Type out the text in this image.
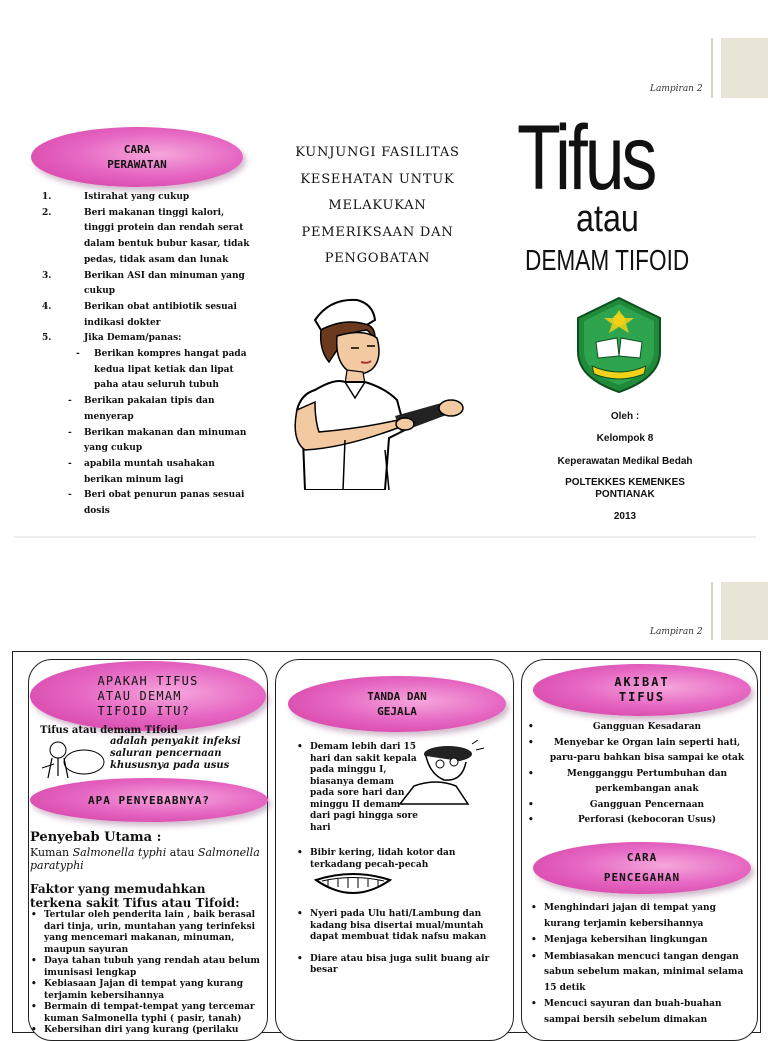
Lampiran 2
CARA
PERAWATAN
1.	Istirahat yang cukup
2.	Beri makanan tinggi kalori, tinggi protein dan rendah serat dalam bentuk bubur kasar, tidak pedas, tidak asam dan lunak
3.	Berikan ASI dan minuman yang cukup
4.	Berikan obat antibiotik sesuai indikasi dokter
5.	Jika Demam/panas:
- Berikan kompres hangat pada kedua lipat ketiak dan lipat paha atau seluruh tubuh
- Berikan pakaian tipis dan menyerap
- Berikan makanan dan minuman yang cukup
- apabila muntah usahakan berikan minum lagi
- Beri obat penurun panas sesuai dosis
KUNJUNGI FASILITAS KESEHATAN UNTUK MELAKUKAN PEMERIKSAAN DAN PENGOBATAN
Tifus
atau
DEMAM TIFOID
Oleh :
Kelompok 8
Keperawatan Medikal Bedah
POLTEKKES KEMENKES PONTIANAK
2013
Lampiran 2
APAKAH TIFUS
ATAU DEMAM
TIFOID ITU?
Tifus atau demam Tifoid
adalah penyakit infeksi saluran pencernaan khususnya pada usus
APA PENYEBABNYA?
Penyebab Utama :
Kuman Salmonella typhi atau Salmonella paratyphi
Faktor yang memudahkan terkena sakit Tifus atau Tifoid:
• Tertular oleh penderita lain , baik berasal dari tinja, urin, muntahan yang terinfeksi yang mencemari makanan, minuman, maupun sayuran
• Daya tahan tubuh yang rendah atau belum imunisasi lengkap
• Kebiasaan Jajan di tempat yang kurang terjamin kebersihannya
• Bermain di tempat-tempat yang tercemar kuman Salmonella typhi ( pasir, tanah)
• Kebersihan diri yang kurang (perilaku
TANDA DAN
GEJALA
• Demam lebih dari 15 hari dan sakit kepala pada minggu I, biasanya demam pada sore hari dan minggu II demam dari pagi hingga sore hari
• Bibir kering, lidah kotor dan terkadang pecah-pecah
• Nyeri pada Ulu hati/Lambung dan kadang bisa disertai mual/muntah dapat membuat tidak nafsu makan
• Diare atau bisa juga sulit buang air besar
AKIBAT
TIFUS
• Gangguan Kesadaran
• Menyebar ke Organ lain seperti hati, paru-paru bahkan bisa sampai ke otak
• Mengganggu Pertumbuhan dan perkembangan anak
• Gangguan Pencernaan
• Perforasi (kebocoran Usus)
CARA
PENCEGAHAN
• Menghindari jajan di tempat yang kurang terjamin kebersihannya
• Menjaga kebersihan lingkungan
• Membiasakan mencuci tangan dengan sabun sebelum makan, minimal selama 15 detik
• Mencuci sayuran dan buah-buahan sampai bersih sebelum dimakan
